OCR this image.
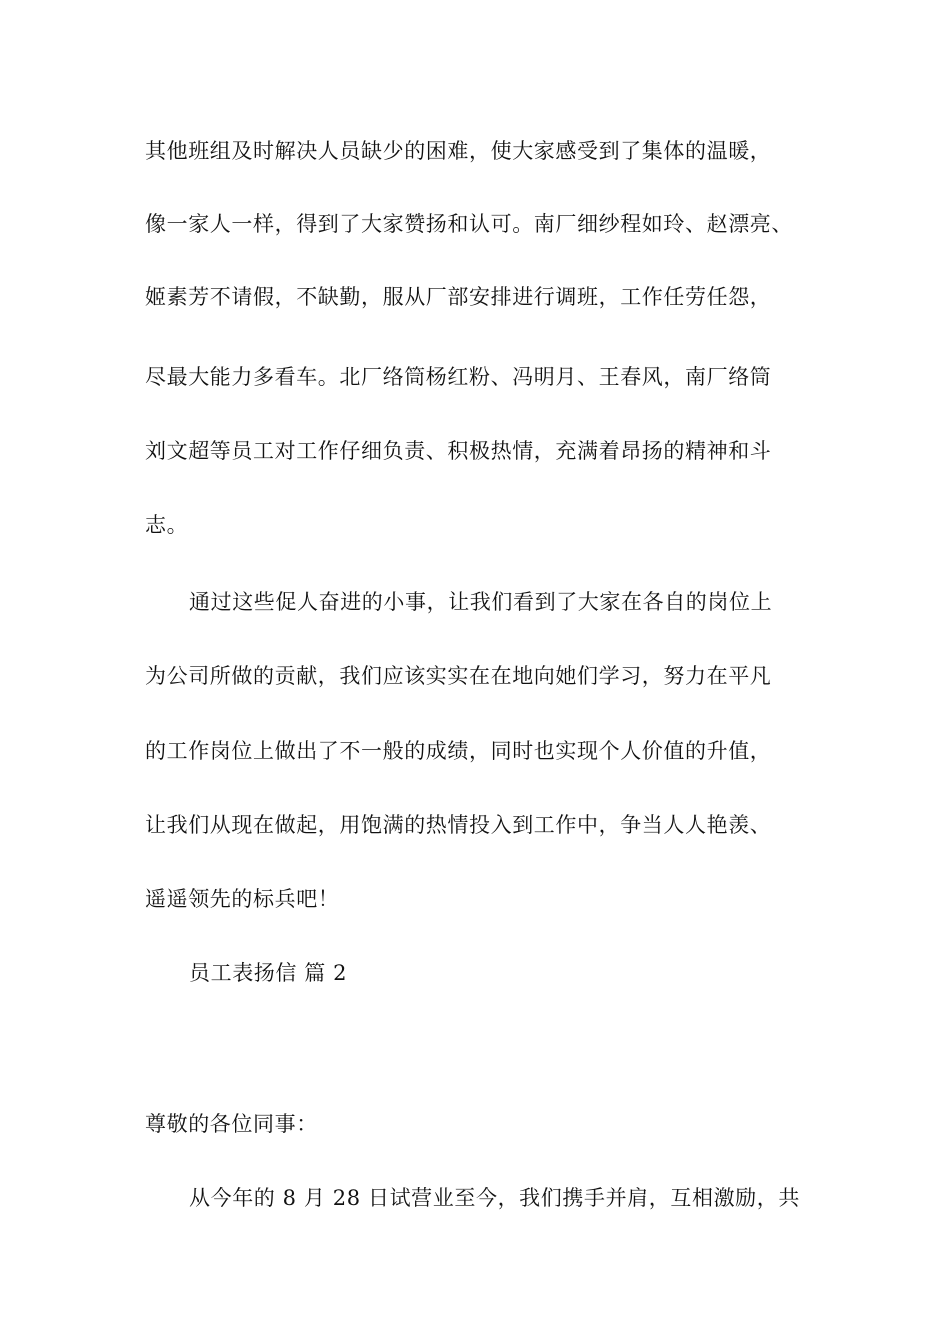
其他班组及时解决人员缺少的困难，使大家感受到了集体的温暖，
像一家人一样，得到了大家赞扬和认可。南厂细纱程如玲、赵漂亮、
姬素芳不请假，不缺勤，服从厂部安排进行调班，工作任劳任怨，
尽最大能力多看车。北厂络筒杨红粉、冯明月、王春风，南厂络筒
刘文超等员工对工作仔细负责、积极热情，充满着昂扬的精神和斗
志。
通过这些促人奋进的小事，让我们看到了大家在各自的岗位上
为公司所做的贡献，我们应该实实在在地向她们学习，努力在平凡
的工作岗位上做出了不一般的成绩，同时也实现个人价值的升值，
让我们从现在做起，用饱满的热情投入到工作中，争当人人艳羡、
遥遥领先的标兵吧！
员工表扬信 篇 2
尊敬的各位同事：
从今年的 8 月 28 日试营业至今，我们携手并肩，互相激励，共
